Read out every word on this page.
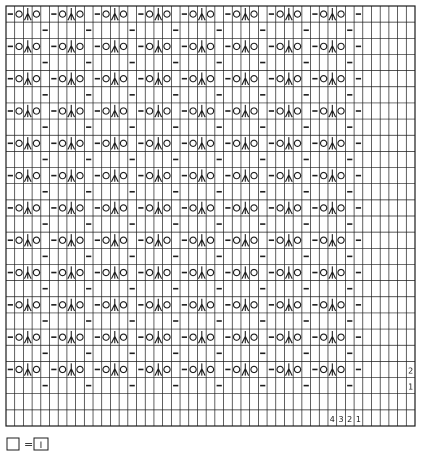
2
1
4 3 2 1
= I
